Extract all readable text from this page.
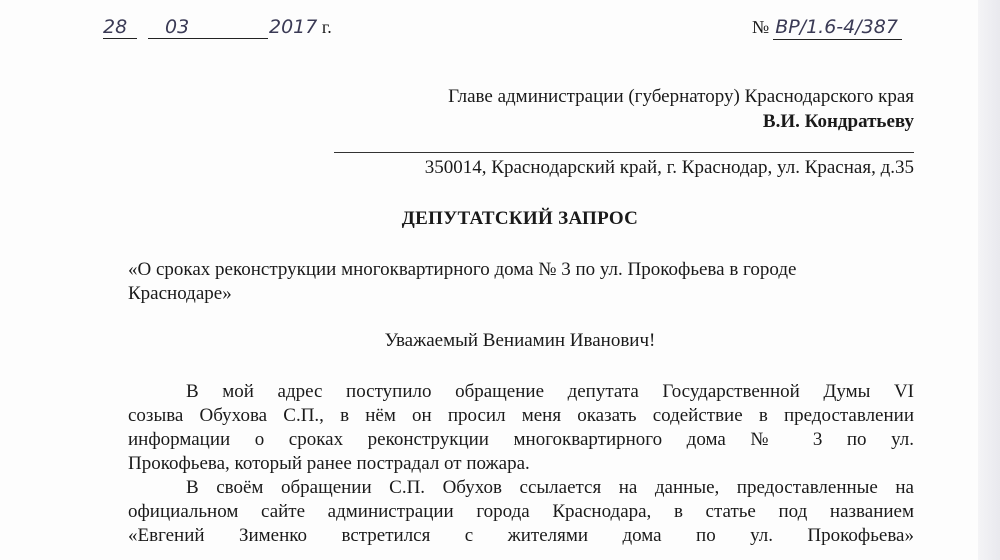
28	03	2017 г.	№ ВР/1.6-4/387
Главе администрации (губернатору) Краснодарского края
В.И. Кондратьеву
350014, Краснодарский край, г. Краснодар, ул. Красная, д.35
ДЕПУТАТСКИЙ ЗАПРОС
«О сроках реконструкции многоквартирного дома № 3 по ул. Прокофьева в городе
Краснодаре»
Уважаемый Вениамин Иванович!
В мой адрес поступило обращение депутата Государственной Думы VI
созыва Обухова С.П., в нём он просил меня оказать содействие в предоставлении
информации о сроках реконструкции многоквартирного дома № 3 по ул.
Прокофьева, который ранее пострадал от пожара.
В своём обращении С.П. Обухов ссылается на данные, предоставленные на
официальном сайте администрации города Краснодара, в статье под названием
«Евгений Зименко встретился с жителями дома по ул. Прокофьева»
